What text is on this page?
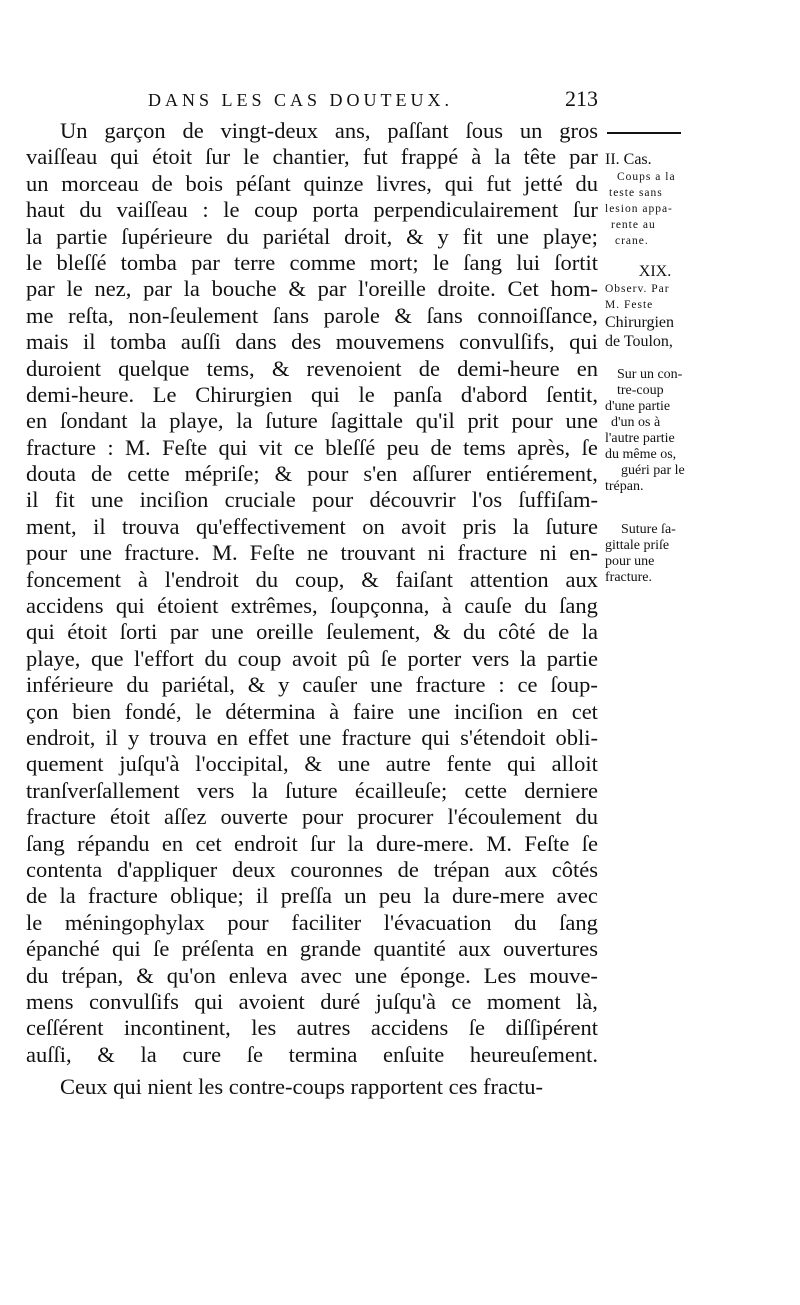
DANS LES CAS DOUTEUX.	213
Un garçon de vingt-deux ans, paſſant ſous un gros
vaiſſeau qui étoit ſur le chantier, fut frappé à la tête par
un morceau de bois péſant quinze livres, qui fut jetté du
haut du vaiſſeau : le coup porta perpendiculairement ſur
la partie ſupérieure du pariétal droit, & y fit une playe;
le bleſſé tomba par terre comme mort; le ſang lui ſortit
par le nez, par la bouche & par l'oreille droite. Cet hom-
me reſta, non-ſeulement ſans parole & ſans connoiſſance,
mais il tomba auſſi dans des mouvemens convulſifs, qui
duroient quelque tems, & revenoient de demi-heure en
demi-heure. Le Chirurgien qui le panſa d'abord ſentit,
en ſondant la playe, la ſuture ſagittale qu'il prit pour une
fracture : M. Feſte qui vit ce bleſſé peu de tems après, ſe
douta de cette mépriſe; & pour s'en aſſurer entiérement,
il fit une inciſion cruciale pour découvrir l'os ſuffiſam-
ment, il trouva qu'effectivement on avoit pris la ſuture
pour une fracture. M. Feſte ne trouvant ni fracture ni en-
foncement à l'endroit du coup, & faiſant attention aux
accidens qui étoient extrêmes, ſoupçonna, à cauſe du ſang
qui étoit ſorti par une oreille ſeulement, & du côté de la
playe, que l'effort du coup avoit pû ſe porter vers la partie
inférieure du pariétal, & y cauſer une fracture : ce ſoup-
çon bien fondé, le détermina à faire une inciſion en cet
endroit, il y trouva en effet une fracture qui s'étendoit obli-
quement juſqu'à l'occipital, & une autre fente qui alloit
tranſverſallement vers la ſuture écailleuſe; cette derniere
fracture étoit aſſez ouverte pour procurer l'écoulement du
ſang répandu en cet endroit ſur la dure-mere. M. Feſte ſe
contenta d'appliquer deux couronnes de trépan aux côtés
de la fracture oblique; il preſſa un peu la dure-mere avec
le méningophylax pour faciliter l'évacuation du ſang
épanché qui ſe préſenta en grande quantité aux ouvertures
du trépan, & qu'on enleva avec une éponge. Les mouve-
mens convulſifs qui avoient duré juſqu'à ce moment là,
ceſſérent incontinent, les autres accidens ſe diſſipérent
auſſi, & la cure ſe termina enſuite heureuſement.
Ceux qui nient les contre-coups rapportent ces fractu-
II. Cas.
Coups a la
teste sans
lesion appa-
rente au
crane.
XIX.
Observ. Par
M. Feste
Chirurgien
de Toulon,
Sur un con-
tre-coup
d'une partie
d'un os à
l'autre partie
du même os,
guéri par le
trépan.
Suture ſa-
gittale priſe
pour une
fracture.
